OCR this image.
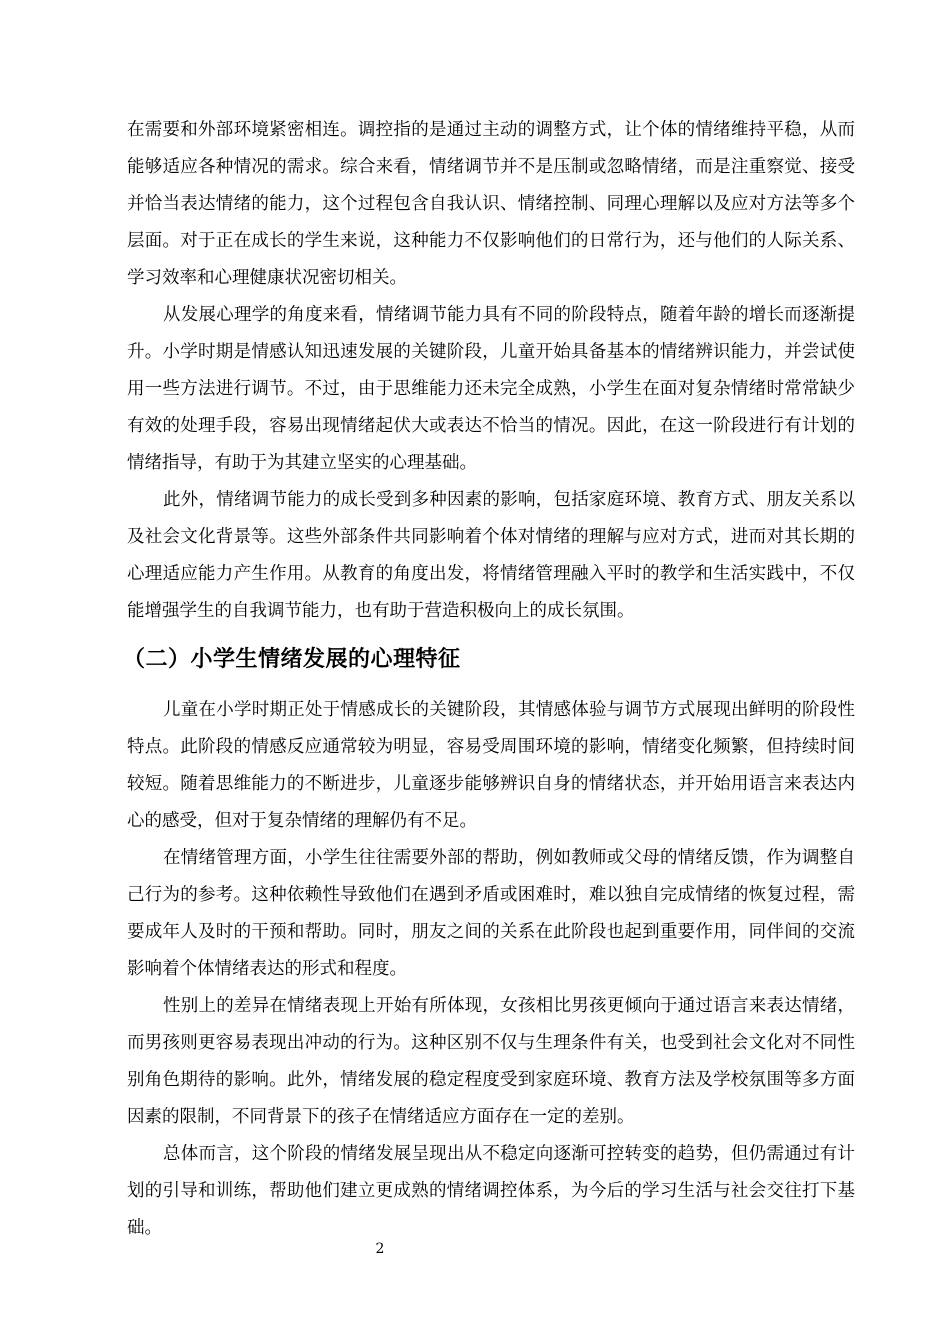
在需要和外部环境紧密相连。调控指的是通过主动的调整方式，让个体的情绪维持平稳，从而能够适应各种情况的需求。综合来看，情绪调节并不是压制或忽略情绪，而是注重察觉、接受并恰当表达情绪的能力，这个过程包含自我认识、情绪控制、同理心理解以及应对方法等多个层面。对于正在成长的学生来说，这种能力不仅影响他们的日常行为，还与他们的人际关系、学习效率和心理健康状况密切相关。

从发展心理学的角度来看，情绪调节能力具有不同的阶段特点，随着年龄的增长而逐渐提升。小学时期是情感认知迅速发展的关键阶段，儿童开始具备基本的情绪辨识能力，并尝试使用一些方法进行调节。不过，由于思维能力还未完全成熟，小学生在面对复杂情绪时常常缺少有效的处理手段，容易出现情绪起伏大或表达不恰当的情况。因此，在这一阶段进行有计划的情绪指导，有助于为其建立坚实的心理基础。

此外，情绪调节能力的成长受到多种因素的影响，包括家庭环境、教育方式、朋友关系以及社会文化背景等。这些外部条件共同影响着个体对情绪的理解与应对方式，进而对其长期的心理适应能力产生作用。从教育的角度出发，将情绪管理融入平时的教学和生活实践中，不仅能增强学生的自我调节能力，也有助于营造积极向上的成长氛围。

（二）小学生情绪发展的心理特征

儿童在小学时期正处于情感成长的关键阶段，其情感体验与调节方式展现出鲜明的阶段性特点。此阶段的情感反应通常较为明显，容易受周围环境的影响，情绪变化频繁，但持续时间较短。随着思维能力的不断进步，儿童逐步能够辨识自身的情绪状态，并开始用语言来表达内心的感受，但对于复杂情绪的理解仍有不足。

在情绪管理方面，小学生往往需要外部的帮助，例如教师或父母的情绪反馈，作为调整自己行为的参考。这种依赖性导致他们在遇到矛盾或困难时，难以独自完成情绪的恢复过程，需要成年人及时的干预和帮助。同时，朋友之间的关系在此阶段也起到重要作用，同伴间的交流影响着个体情绪表达的形式和程度。

性别上的差异在情绪表现上开始有所体现，女孩相比男孩更倾向于通过语言来表达情绪，而男孩则更容易表现出冲动的行为。这种区别不仅与生理条件有关，也受到社会文化对不同性别角色期待的影响。此外，情绪发展的稳定程度受到家庭环境、教育方法及学校氛围等多方面因素的限制，不同背景下的孩子在情绪适应方面存在一定的差别。

总体而言，这个阶段的情绪发展呈现出从不稳定向逐渐可控转变的趋势，但仍需通过有计划的引导和训练，帮助他们建立更成熟的情绪调控体系，为今后的学习生活与社会交往打下基础。

2
